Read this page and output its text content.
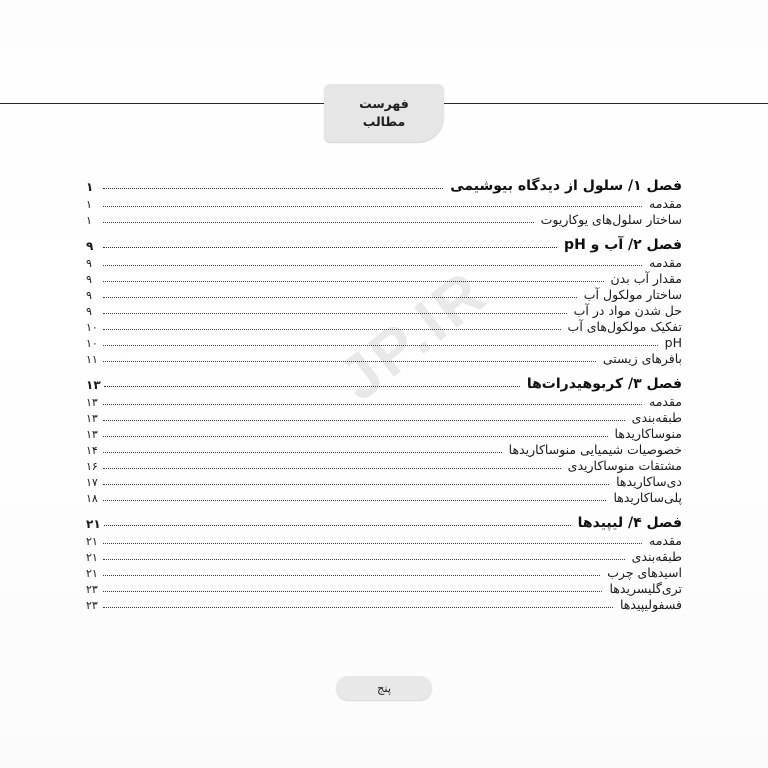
فهرست
مطالب
JP.IR
فصل ۱/ سلول از دیدگاه بیوشیمی
۱
مقدمه
۱
ساختار سلول‌های یوکاریوت
۱
فصل ۲/ آب و pH
۹
مقدمه
۹
مقدار آب بدن
۹
ساختار مولکول آب
۹
حل شدن مواد در آب
۹
تفکیک مولکول‌های آب
۱۰
pH
۱۰
بافرهای زیستی
۱۱
فصل ۳/ کربوهیدرات‌ها
۱۳
مقدمه
۱۳
طبقه‌بندی
۱۳
منوساکاریدها
۱۳
خصوصیات شیمیایی منوساکاریدها
۱۴
مشتقات منوساکاریدی
۱۶
دی‌ساکاریدها
۱۷
پلی‌ساکاریدها
۱۸
فصل ۴/ لیپیدها
۲۱
مقدمه
۲۱
طبقه‌بندی
۲۱
اسیدهای چرب
۲۱
تری‌گلیسریدها
۲۳
فسفولیپیدها
۲۳
پنج
